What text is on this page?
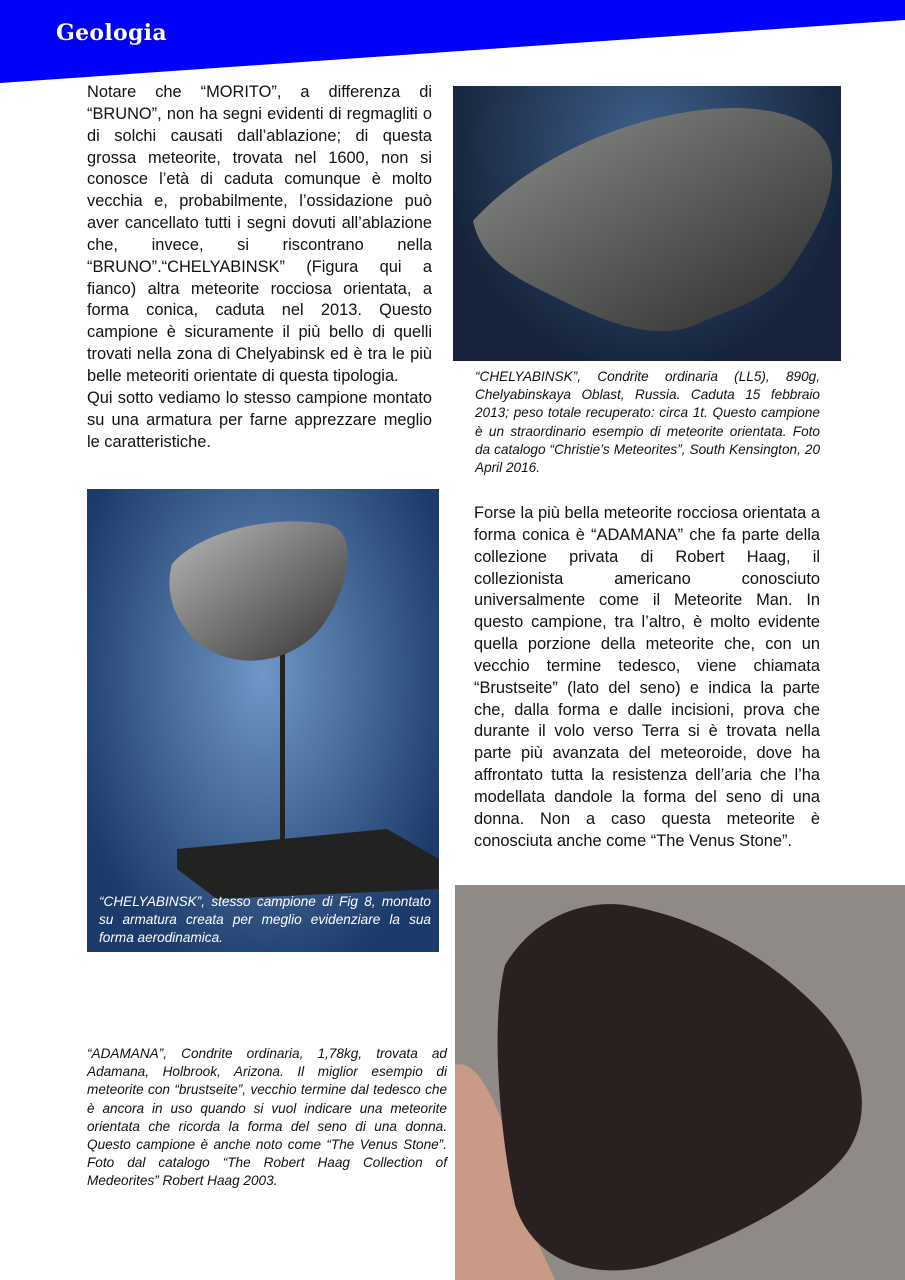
Geologia

Notare che “MORITO”, a differenza di “BRUNO”, non ha segni evidenti di regmagliti o di solchi causati dall’ablazione; di questa grossa meteorite, trovata nel 1600, non si conosce l’età di caduta comunque è molto vecchia e, probabilmente, l’ossidazione può aver cancellato tutti i segni dovuti all’ablazione che, invece, si riscontrano nella “BRUNO”.“CHELYABINSK” (Figura qui a fianco) altra meteorite rocciosa orientata, a forma conica, caduta nel 2013. Questo campione è sicuramente il più bello di quelli trovati nella zona di Chelyabinsk ed è tra le più belle meteoriti orientate di questa tipologia.

Qui sotto vediamo lo stesso campione montato su una armatura per farne apprezzare meglio le caratteristiche.

“CHELYABINSK”, Condrite ordinaria (LL5), 890g, Chelyabinskaya Oblast, Russia. Caduta 15 febbraio 2013; peso totale recuperato: circa 1t. Questo campione è un straordinario esempio di meteorite orientata. Foto da catalogo “Christie’s Meteorites”, South Kensington, 20 April 2016.
“CHELYABINSK”, stesso campione di Fig 8, montato su armatura creata per meglio evidenziare la sua forma aerodinamica.

Forse la più bella meteorite rocciosa orientata a forma conica è “ADAMANA” che fa parte della collezione privata di Robert Haag, il collezionista americano conosciuto universalmente come il Meteorite Man. In questo campione, tra l’altro, è molto evidente quella porzione della meteorite che, con un vecchio termine tedesco, viene chiamata “Brustseite” (lato del seno) e indica la parte che, dalla forma e dalle incisioni, prova che durante il volo verso Terra si è trovata nella parte più avanzata del meteoroide, dove ha affrontato tutta la resistenza dell’aria che l’ha modellata dandole la forma del seno di una donna. Non a caso questa meteorite è conosciuta anche come “The Venus Stone”.

“ADAMANA”, Condrite ordinaria, 1,78kg, trovata ad Adamana, Holbrook, Arizona. Il miglior esempio di meteorite con “brustseite”, vecchio termine dal tedesco che è ancora in uso quando si vuol indicare una meteorite orientata che ricorda la forma del seno di una donna. Questo campione è anche noto come “The Venus Stone”. Foto dal catalogo “The Robert Haag Collection of Medeorites” Robert Haag 2003.
